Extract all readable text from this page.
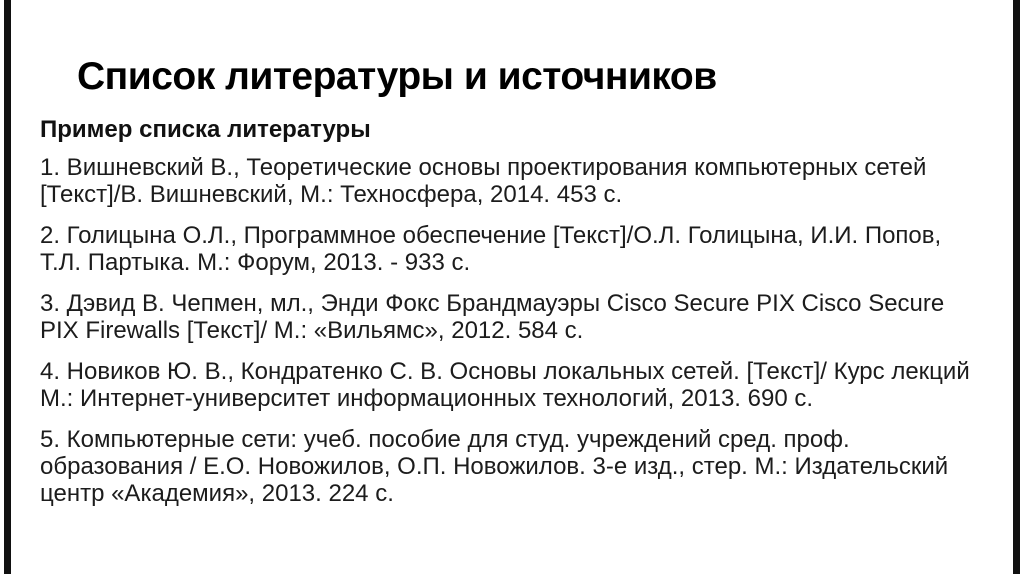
Список литературы и источников
Пример списка литературы

1. Вишневский В., Теоретические основы проектирования компьютерных сетей [Текст]/В. Вишневский, М.: Техносфера, 2014. 453 с.

2. Голицына О.Л., Программное обеспечение [Текст]/О.Л. Голицына, И.И. Попов, Т.Л. Партыка. М.: Форум, 2013. - 933 с.

3. Дэвид В. Чепмен, мл., Энди Фокс Брандмауэры Cisco Secure PIX Cisco Secure PIX Firewalls [Текст]/ М.: «Вильямс», 2012. 584 с.

4. Новиков Ю. В., Кондратенко С. В. Основы локальных сетей. [Текст]/ Курс лекций М.: Интернет-университет информационных технологий, 2013. 690 с.

5. Компьютерные сети: учеб. пособие для студ. учреждений сред. проф. образования / Е.О. Новожилов, О.П. Новожилов. 3-е изд., стер. М.: Издательский центр «Академия», 2013. 224 с.
